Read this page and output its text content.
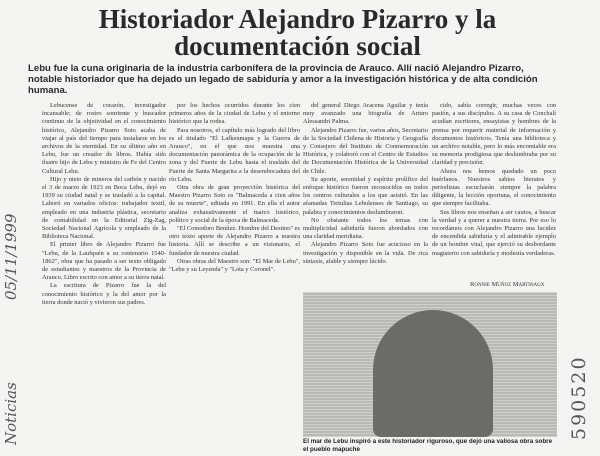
Historiador Alejandro Pizarro y la documentación social

Lebu fue la cuna originaria de la industria carbonífera de la provincia de Arauco. Allí nació Alejandro Pizarro, notable historiador que ha dejado un legado de sabiduría y amor a la investigación histórica y de alta condición humana.

Lebucense de corazón, investigador incansable; de rostro sonriente y buscador continuo de la objetividad en el conocimiento histórico, Alejandro Pizarro Soto acaba de viajar al país del tiempo para instalarse en los archivos de la eternidad. En su último año en Lebu, fue un creador de libros. Había sido ilustre hijo de Lebu y ministro de Fe del Centro Cultural Lebu.

Hijo y nieto de mineros del carbón y nacido el 3 de marzo de 1923 en Boca Lebu, dejó en 1939 su ciudad natal y se trasladó a la capital. Laboró en variados oficios: trabajador textil, empleado en una industria plástica, secretario de contabilidad en la Editorial Zig-Zag, Sociedad Nacional Agrícola y empleado de la Biblioteca Nacional.

El primer libro de Alejandro Pizarro fue "Lebu, de la Laufquén a su centenario 1540-1862", obra que ha pasado a ser texto obligado de estudiantes y maestros de la Provincia de Arauco. Libro escrito con amor a su tierra natal.

La escritura de Pizarro fue la del conocimiento histórico y la del amor por la tierra donde nació y vivieron sus padres.

por los hechos ocurridos durante los cien primeros años de la ciudad de Lebu y el entorno histórico que la rodea.

Para nosotros, el capítulo más logrado del libro es el titulado "El Lafkenmapu y la Guerra de Arauco", en el que nos muestra una documentación panorámica de la ocupación de la zona y del Fuerte de Lebu hasta el traslado del Fuerte de Santa Margarita a la desembocadura del río Lebu.

Otra obra de gran proyección histórica del Maestro Pizarro Soto es "Balmaceda a cien años de su muerte", editada en 1991. En ella el autor analiza exhaustivamente el marco histórico, político y social de la época de Balmaceda.

"El Comodoro Benítez. Hombre del Destino" es otro texto aporte de Alejandro Pizarro a nuestra historia. Allí se describe a un visionario, el fundador de nuestra ciudad.

Otras obras del Maestro son: "El Mar de Lebu", "Lebu y su Leyenda" y "Lota y Coronel".

del general Diego Aracena Aguilar y tenía muy avanzado una biografía de Arturo Alessandri Palma.

Alejandro Pizarro fue, varios años, Secretario de la Sociedad Chilena de Historia y Geografía y Consejero del Instituto de Conmemoración Histórica, y colaboró con el Centro de Estudios de Documentación Histórica de la Universidad de Chile.

Su aporte, serenidad y espíritu prolífico del enfoque histórico fueron reconocidos en todos los centros culturales a los que asistió. En las afamadas Tertulias Lebulenses de Santiago, su palabra y conocimientos deslumbraron.

No obstante todos los temas con multiplicidad sabiduría fueron abordados con una claridad meridiana.

Alejandro Pizarro Soto fue acucioso en la investigación y disponible en la vida. De rica sintaxis, afable y siempre lúcido.

cido, sabía corregir, muchas veces con pasión, a sus discípulos. A su casa de Conchalí acudían escritores, ensayistas y hombres de la prensa por requerir material de información y documentos históricos. Tenía una biblioteca y un archivo notable, pero lo más encomiable era su memoria prodigiosa que deslumbraba por su claridad y precisión.

Ahora nos hemos quedado un poco huérfanos. Nuestros sabios literatos y periodistas escucharán siempre la palabra diligente, la lección oportuna, el conocimiento que siempre facilitaba.

Sus libros nos enseñan a ser cautos, a buscar la verdad y a querer a nuestra tierra. Por eso lo recordamos con Alejandro Pizarro una lucidez de encendida sabiduría y el admirable ejemplo de un hombre vital, que ejerció su desbordante magisterio con sabiduría y modestia verdaderas.

Ronnie Muñoz Martinaux
El mar de Lebu inspiró a este historiador riguroso, que dejó una valiosa obra sobre el pueblo mapuche
05/11/1999
Noticias	590520
